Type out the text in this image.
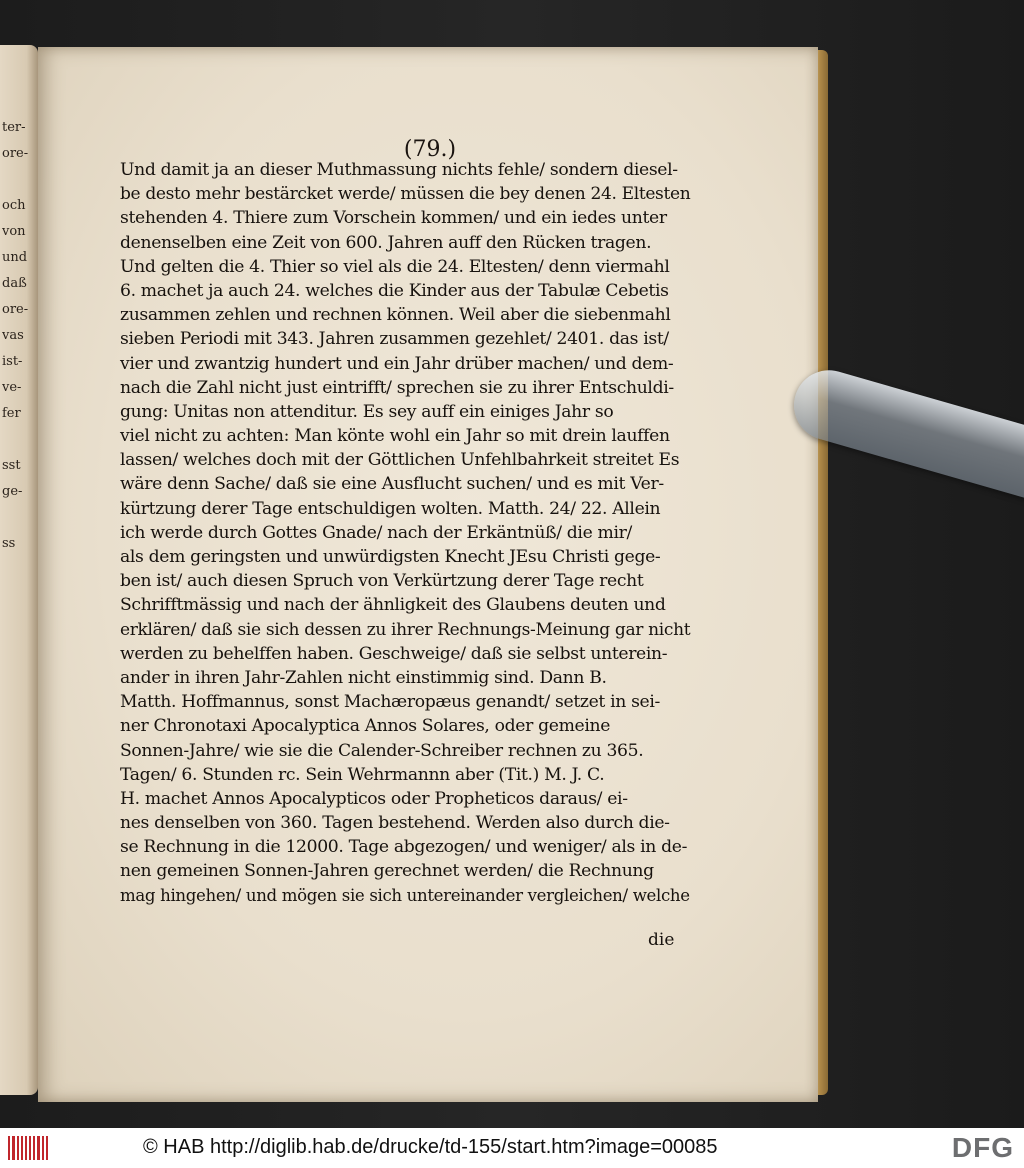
ter-
ore-
och
von
und
daß
ore-
vas
ist-
ve-
fer
sst
ge-
ss
(79.)
Und damit ja an dieser Muthmassung nichts fehle/ sondern diesel-
be desto mehr bestärcket werde/ müssen die bey denen 24. Eltesten
stehenden 4. Thiere zum Vorschein kommen/ und ein iedes unter
denenselben eine Zeit von 600. Jahren auff den Rücken tragen.
Und gelten die 4. Thier so viel als die 24. Eltesten/ denn viermahl
6. machet ja auch 24. welches die Kinder aus der Tabulæ Cebetis
zusammen zehlen und rechnen können. Weil aber die siebenmahl
sieben Periodi mit 343. Jahren zusammen gezehlet/ 2401. das ist/
vier und zwantzig hundert und ein Jahr drüber machen/ und dem-
nach die Zahl nicht just eintrifft/ sprechen sie zu ihrer Entschuldi-
gung: Unitas non attenditur. Es sey auff ein einiges Jahr so
viel nicht zu achten: Man könte wohl ein Jahr so mit drein lauffen
lassen/ welches doch mit der Göttlichen Unfehlbahrkeit streitet Es
wäre denn Sache/ daß sie eine Ausflucht suchen/ und es mit Ver-
kürtzung derer Tage entschuldigen wolten. Matth. 24/ 22. Allein
ich werde durch Gottes Gnade/ nach der Erkäntnüß/ die mir/
als dem geringsten und unwürdigsten Knecht JEsu Christi gege-
ben ist/ auch diesen Spruch von Verkürtzung derer Tage recht
Schrifftmässig und nach der ähnligkeit des Glaubens deuten und
erklären/ daß sie sich dessen zu ihrer Rechnungs-Meinung gar nicht
werden zu behelffen haben. Geschweige/ daß sie selbst unterein-
ander in ihren Jahr-Zahlen nicht einstimmig sind. Dann B.
Matth. Hoffmannus, sonst Machæropæus genandt/ setzet in sei-
ner Chronotaxi Apocalyptica Annos Solares, oder gemeine
Sonnen-Jahre/ wie sie die Calender-Schreiber rechnen zu 365.
Tagen/ 6. Stunden rc. Sein Wehrmannn aber (Tit.) M. J. C.
H. machet Annos Apocalypticos oder Propheticos daraus/ ei-
nes denselben von 360. Tagen bestehend. Werden also durch die-
se Rechnung in die 12000. Tage abgezogen/ und weniger/ als in de-
nen gemeinen Sonnen-Jahren gerechnet werden/ die Rechnung
mag hingehen/ und mögen sie sich untereinander vergleichen/ welche
die
© HAB http://diglib.hab.de/drucke/td-155/start.htm?image=00085	DFG
